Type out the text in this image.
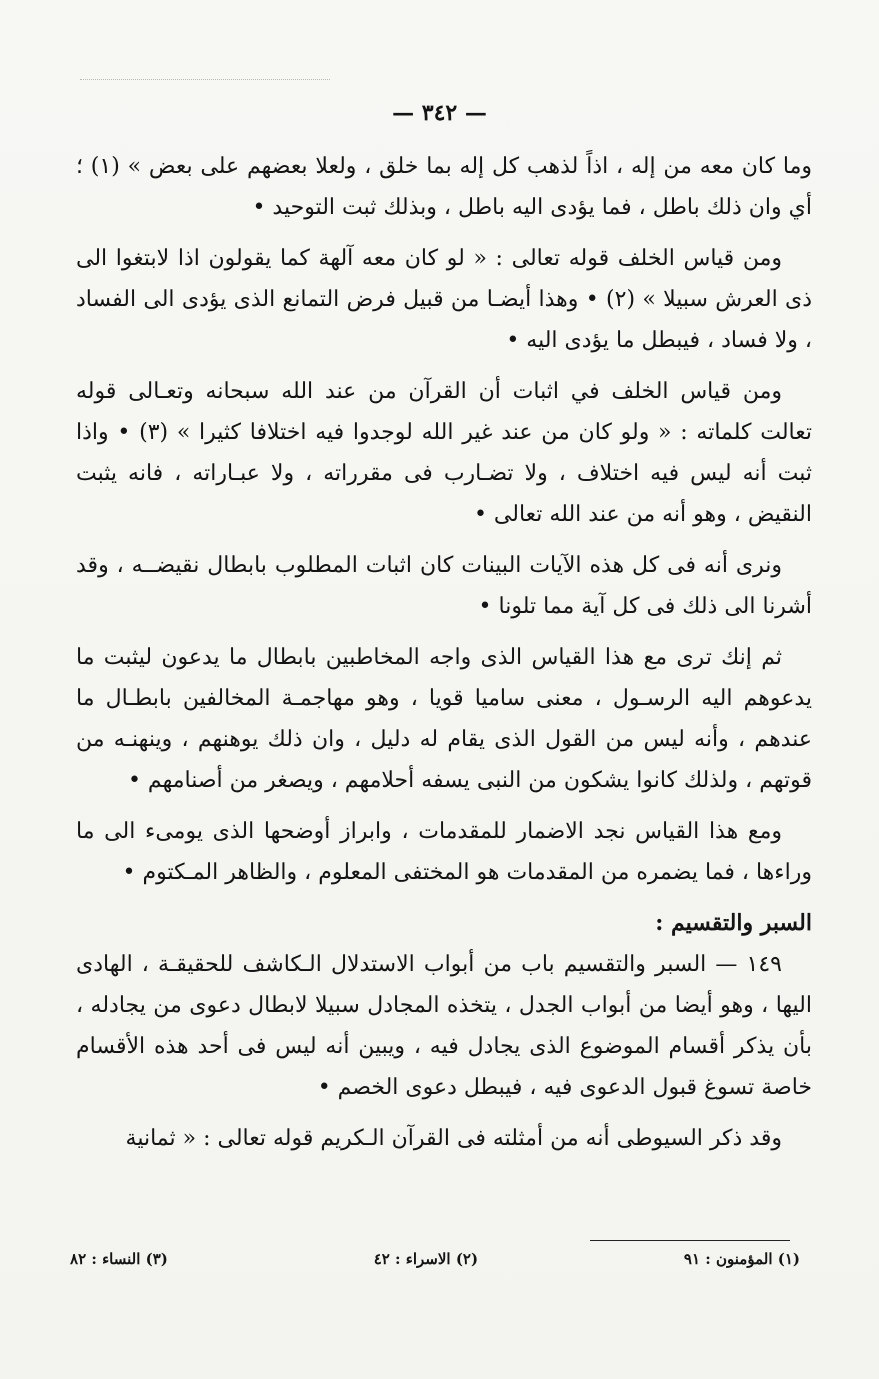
— ٣٤٢ —

وما كان معه من إله ، اذاً لذهب كل إله بما خلق ، ولعلا بعضهم على بعض » (١) ؛ أي وان ذلك باطل ، فما يؤدى اليه باطل ، وبذلك ثبت التوحيد •

ومن قياس الخلف قوله تعالى : « لو كان معه آلهة كما يقولون اذا لابتغوا الى ذى العرش سبيلا » (٢) • وهذا أيضـا من قبيل فرض التمانع الذى يؤدى الى الفساد ، ولا فساد ، فيبطل ما يؤدى اليه •

ومن قياس الخلف في اثبات أن القرآن من عند الله سبحانه وتعـالى قوله تعالت كلماته : « ولو كان من عند غير الله لوجدوا فيه اختلافا كثيرا » (٣) • واذا ثبت أنه ليس فيه اختلاف ، ولا تضـارب فى مقرراته ، ولا عبـاراته ، فانه يثبت النقيض ، وهو أنه من عند الله تعالى •

ونرى أنه فى كل هذه الآيات البينات كان اثبات المطلوب بابطال نقيضــه ، وقد أشرنا الى ذلك فى كل آية مما تلونا •

ثم إنك ترى مع هذا القياس الذى واجه المخاطبين بابطال ما يدعون ليثبت ما يدعوهم اليه الرسـول ، معنى ساميا قويا ، وهو مهاجمـة المخالفين بابطـال ما عندهم ، وأنه ليس من القول الذى يقام له دليل ، وان ذلك يوهنهم ، وينهنـه من قوتهم ، ولذلك كانوا يشكون من النبى يسفه أحلامهم ، ويصغر من أصنامهم •

ومع هذا القياس نجد الاضمار للمقدمات ، وابراز أوضحها الذى يومىء الى ما وراءها ، فما يضمره من المقدمات هو المختفى المعلوم ، والظاهر المـكتوم •

السبر والتقسيم :

١٤٩ — السبر والتقسيم باب من أبواب الاستدلال الـكاشف للحقيقـة ، الهادى اليها ، وهو أيضا من أبواب الجدل ، يتخذه المجادل سبيلا لابطال دعوى من يجادله ، بأن يذكر أقسام الموضوع الذى يجادل فيه ، ويبين أنه ليس فى أحد هذه الأقسام خاصة تسوغ قبول الدعوى فيه ، فيبطل دعوى الخصم •

وقد ذكر السيوطى أنه من أمثلته فى القرآن الـكريم قوله تعالى : « ثمانية

(١) المؤمنون : ٩١
(٢) الاسراء : ٤٢
(٣) النساء : ٨٢
